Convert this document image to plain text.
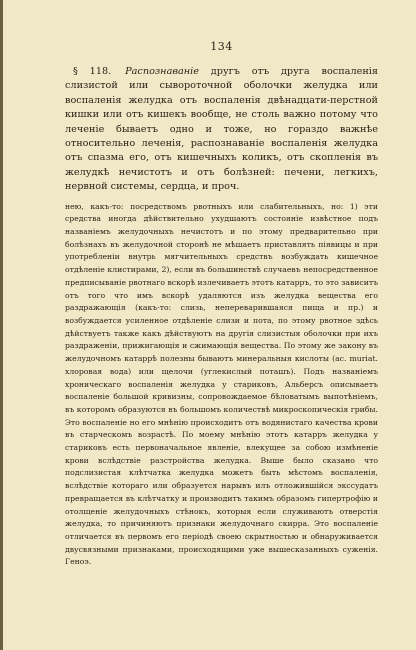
134
§ 118. Распознаваніе другъ отъ друга воспаленія слизистой или сывороточной оболочки желудка или воспаленія желудка отъ воспаленія двѣнадцати-перстной кишки или отъ кишекъ вообще, не столь важно потому что леченіе бываетъ одно и тоже, но гораздо важнѣе относительно леченія, распознаваніе воспаленія желудка отъ спазма его, отъ кишечныхъ коликъ, отъ скопленія въ желудкѣ нечистотъ и отъ болѣзней: печени, легкихъ, нервной системы, сердца, и проч.

нею, какъ-то: посредствомъ рвотныхъ или слабительныхъ, но: 1) эти средства иногда дѣйствительно ухудшаютъ состояніе извѣстное подъ названіемъ желудочныхъ нечистотъ и по этому предварительно при болѣзнахъ въ желудочной сторонѣ не мѣшаетъ приставлять піявицы и при употребленіи внутрь мягчительныхъ средствъ возбуждать кишечное отдѣленіе клистирами, 2), если въ большинствѣ случаевъ непосредственное предписываніе рвотнаго вскорѣ излечиваетъ этотъ катарръ, то это зависитъ отъ того что имъ вскорѣ удаляются изъ желудка вещества его раздражающія (какъ-то: слизь, непереварившаяся пища и пр.) и возбуждается усиленное отдѣленіе слизи и пота, по этому рвотное здѣсь дѣйствуетъ также какъ дѣйствуютъ на другія слизистыя оболочки при ихъ раздраженіи, прижигающія и сжимающія вещества. По этому же закону въ желудочномъ катаррѣ полезны бываютъ минеральныя кислоты (ac. muriat. хлоровая вода) или щелочи (углекислый поташъ). Подъ названіемъ хроническаго воспаленія желудка у стариковъ, Альберсъ описываетъ воспаленіе большой кривизны, сопровождаемое бѣловатымъ выпотѣніемъ, въ которомъ образуются въ большомъ количествѣ микроскопическія грибы. Это воспаленіе но его мнѣнію происходитъ отъ водянистаго качества крови въ старческомъ возрастѣ. По моему мнѣнію этотъ катарръ желудка у стариковъ есть первоначальное явленіе, влекущее за собою измѣненіе крови вслѣдствіе разстройства желудка. Выше было сказано что подслизистая клѣтчатка желудка можетъ быть мѣстомъ воспаленія, вслѣдствіе котораго или образуется нарывъ илъ отложившійся экссудатъ превращается въ клѣтчатку и производитъ такимъ образомъ гипертрофію и отолщеніе желудочныхъ стѣнокъ, которыя если служиваютъ отверстія желудка, то причиняютъ признаки желудочнаго скирра. Это воспаленіе отличается въ первомъ его періодѣ своею скрытностью и обнаруживается двусвязными признаками, происходящими уже вышесказанныхъ суженія. Геноэ.
